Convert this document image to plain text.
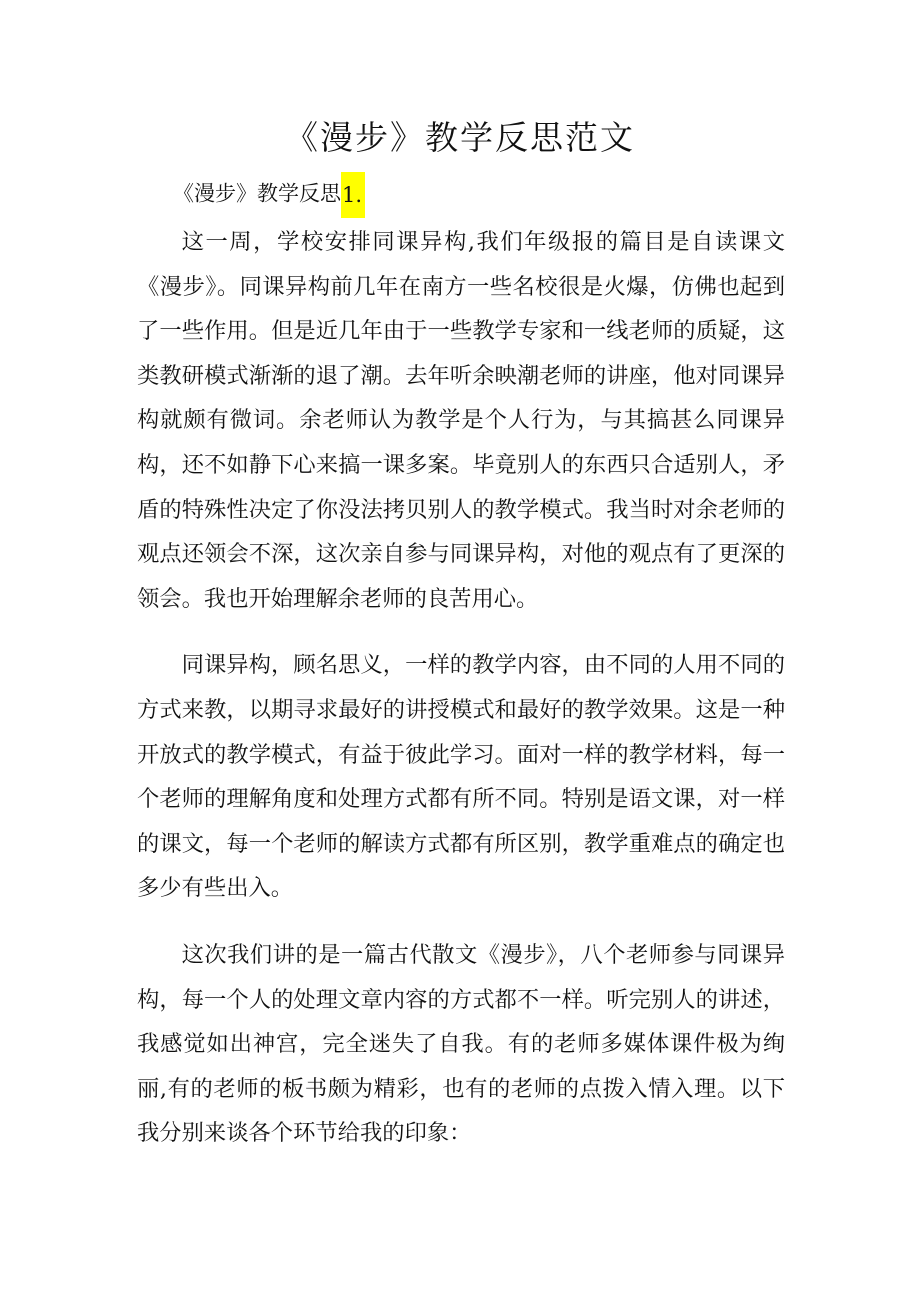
《漫步》教学反思范文

《漫步》教学反思1.

这一周，学校安排同课异构,我们年级报的篇目是自读课文《漫步》。同课异构前几年在南方一些名校很是火爆，仿佛也起到了一些作用。但是近几年由于一些教学专家和一线老师的质疑，这类教研模式渐渐的退了潮。去年听余映潮老师的讲座，他对同课异构就颇有微词。余老师认为教学是个人行为，与其搞甚么同课异构，还不如静下心来搞一课多案。毕竟别人的东西只合适别人，矛盾的特殊性决定了你没法拷贝别人的教学模式。我当时对余老师的观点还领会不深，这次亲自参与同课异构，对他的观点有了更深的领会。我也开始理解余老师的良苦用心。

同课异构，顾名思义，一样的教学内容，由不同的人用不同的方式来教，以期寻求最好的讲授模式和最好的教学效果。这是一种开放式的教学模式，有益于彼此学习。面对一样的教学材料，每一个老师的理解角度和处理方式都有所不同。特别是语文课，对一样的课文，每一个老师的解读方式都有所区别，教学重难点的确定也多少有些出入。

这次我们讲的是一篇古代散文《漫步》，八个老师参与同课异构，每一个人的处理文章内容的方式都不一样。听完别人的讲述，我感觉如出神宫，完全迷失了自我。有的老师多媒体课件极为绚丽,有的老师的板书颇为精彩，也有的老师的点拨入情入理。以下我分别来谈各个环节给我的印象：
